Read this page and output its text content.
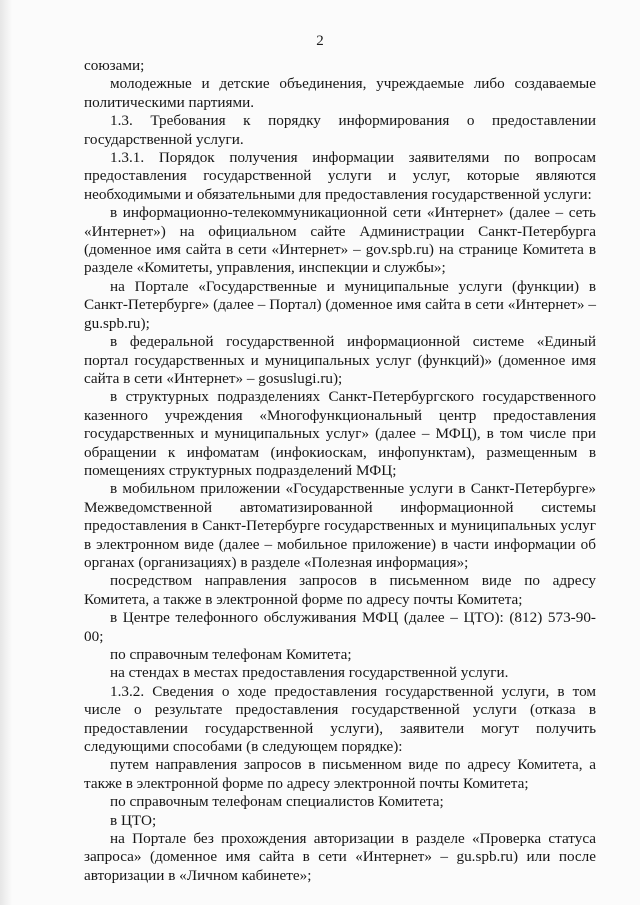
2

союзами;

молодежные и детские объединения, учреждаемые либо создаваемые политическими партиями.

1.3. Требования к порядку информирования о предоставлении государственной услуги.

1.3.1. Порядок получения информации заявителями по вопросам предоставления государственной услуги и услуг, которые являются необходимыми и обязательными для предоставления государственной услуги:

в информационно-телекоммуникационной сети «Интернет» (далее – сеть «Интернет») на официальном сайте Администрации Санкт-Петербурга (доменное имя сайта в сети «Интернет» – gov.spb.ru) на странице Комитета в разделе «Комитеты, управления, инспекции и службы»;

на Портале «Государственные и муниципальные услуги (функции) в Санкт-Петербурге» (далее – Портал) (доменное имя сайта в сети «Интернет» – gu.spb.ru);

в федеральной государственной информационной системе «Единый портал государственных и муниципальных услуг (функций)» (доменное имя сайта в сети «Интернет» – gosuslugi.ru);

в структурных подразделениях Санкт-Петербургского государственного казенного учреждения «Многофункциональный центр предоставления государственных и муниципальных услуг» (далее – МФЦ), в том числе при обращении к инфоматам (инфокиоскам, инфопунктам), размещенным в помещениях структурных подразделений МФЦ;

в мобильном приложении «Государственные услуги в Санкт-Петербурге» Межведомственной автоматизированной информационной системы предоставления в Санкт-Петербурге государственных и муниципальных услуг в электронном виде (далее – мобильное приложение) в части информации об органах (организациях) в разделе «Полезная информация»;

посредством направления запросов в письменном виде по адресу Комитета, а также в электронной форме по адресу почты Комитета;

в Центре телефонного обслуживания МФЦ (далее – ЦТО): (812) 573-90-00;

по справочным телефонам Комитета;

на стендах в местах предоставления государственной услуги.

1.3.2. Сведения о ходе предоставления государственной услуги, в том числе о результате предоставления государственной услуги (отказа в предоставлении государственной услуги), заявители могут получить следующими способами (в следующем порядке):

путем направления запросов в письменном виде по адресу Комитета, а также в электронной форме по адресу электронной почты Комитета;

по справочным телефонам специалистов Комитета;

в ЦТО;

на Портале без прохождения авторизации в разделе «Проверка статуса запроса» (доменное имя сайта в сети «Интернет» – gu.spb.ru) или после авторизации в «Личном кабинете»;
